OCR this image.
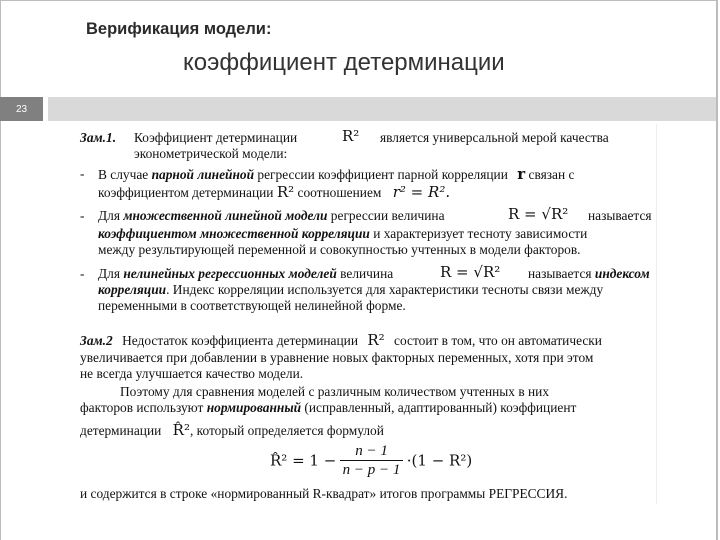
Верификация модели:
коэффициент детерминации
23
Зам.1. Коэффициент детерминации	R² является универсальной мерой качества
эконометрической модели:
- В случае парной линейной регрессии коэффициент парной корреляции r связан с
коэффициентом детерминации R² соотношением r² = R².
- Для множественной линейной модели регрессии величина	R = √R² называется
коэффициентом множественной корреляции и характеризует тесноту зависимости
между результирующей переменной и совокупностью учтенных в модели факторов.
- Для нелинейных регрессионных моделей величина	R = √R² называется индексом
корреляции. Индекс корреляции используется для характеристики тесноты связи между
переменными в соответствующей нелинейной форме.
Зам.2 Недостаток коэффициента детерминации R² состоит в том, что он автоматически
увеличивается при добавлении в уравнение новых факторных переменных, хотя при этом
не всегда улучшается качество модели.
Поэтому для сравнения моделей с различным количеством учтенных в них
факторов используют нормированный (исправленный, адаптированный) коэффициент
детерминации R̂², который определяется формулой
R̂² = $1 - \frac{n - 1}{n - p - 1} \cdot(1 - R^2)$
и содержится в строке «нормированный R-квадрат» итогов программы РЕГРЕССИЯ.
